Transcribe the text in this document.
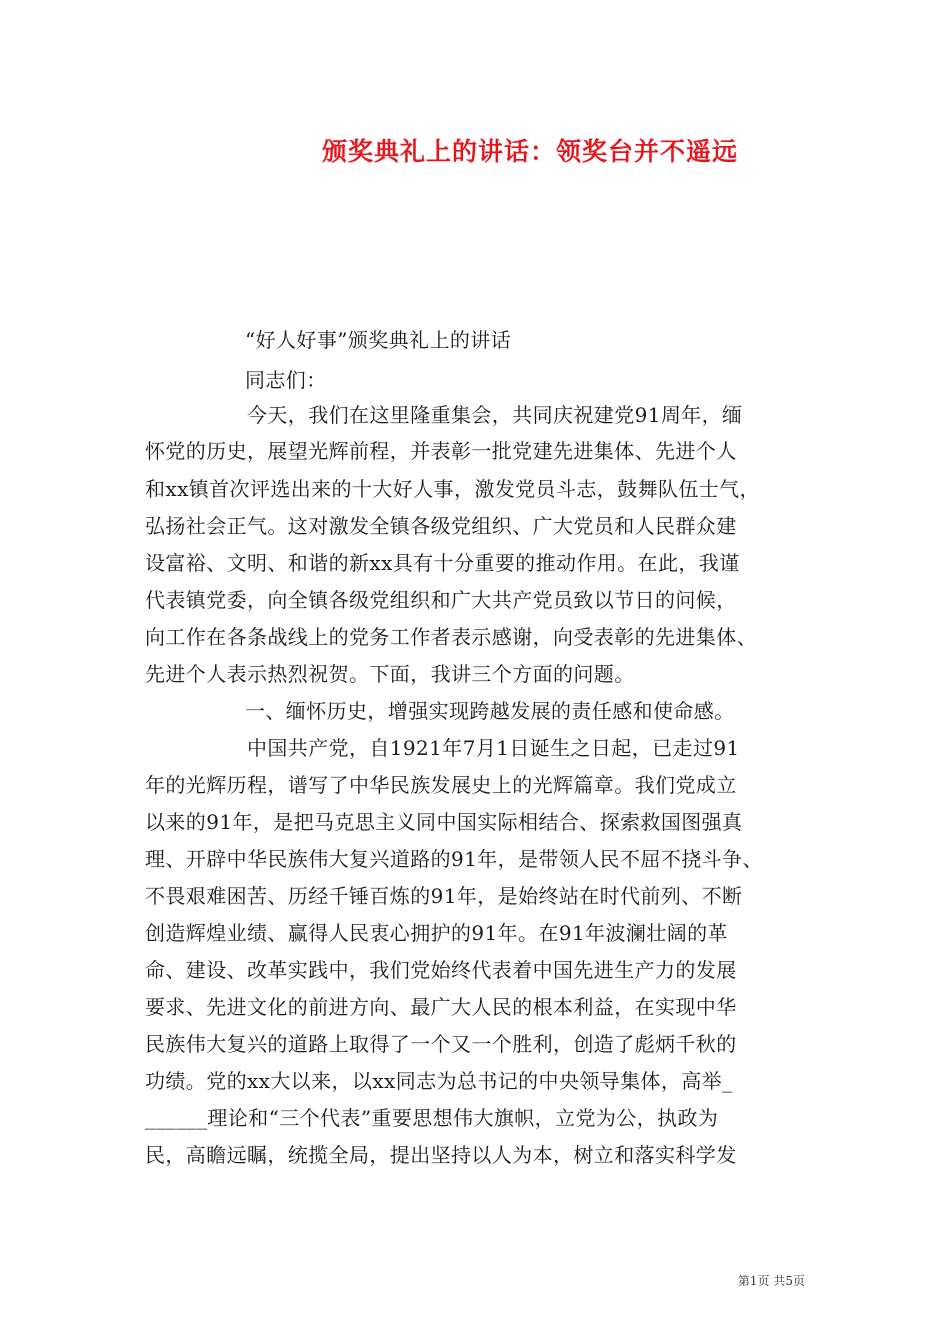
颁奖典礼上的讲话：领奖台并不遥远
“好人好事”颁奖典礼上的讲话
同志们：
今天，我们在这里隆重集会，共同庆祝建党91周年，缅
怀党的历史，展望光辉前程，并表彰一批党建先进集体、先进个人
和xx镇首次评选出来的十大好人事，激发党员斗志，鼓舞队伍士气，
弘扬社会正气。这对激发全镇各级党组织、广大党员和人民群众建
设富裕、文明、和谐的新xx具有十分重要的推动作用。在此，我谨
代表镇党委，向全镇各级党组织和广大共产党员致以节日的问候，
向工作在各条战线上的党务工作者表示感谢，向受表彰的先进集体、
先进个人表示热烈祝贺。下面，我讲三个方面的问题。
一、缅怀历史，增强实现跨越发展的责任感和使命感。
中国共产党，自1921年7月1日诞生之日起，已走过91
年的光辉历程，谱写了中华民族发展史上的光辉篇章。我们党成立
以来的91年，是把马克思主义同中国实际相结合、探索救国图强真
理、开辟中华民族伟大复兴道路的91年，是带领人民不屈不挠斗争、
不畏艰难困苦、历经千锤百炼的91年，是始终站在时代前列、不断
创造辉煌业绩、赢得人民衷心拥护的91年。在91年波澜壮阔的革
命、建设、改革实践中，我们党始终代表着中国先进生产力的发展
要求、先进文化的前进方向、最广大人民的根本利益，在实现中华
民族伟大复兴的道路上取得了一个又一个胜利，创造了彪炳千秋的
功绩。党的xx大以来，以xx同志为总书记的中央领导集体，高举_
______理论和“三个代表”重要思想伟大旗帜，立党为公，执政为
民，高瞻远瞩，统揽全局，提出坚持以人为本，树立和落实科学发
第1页 共5页
